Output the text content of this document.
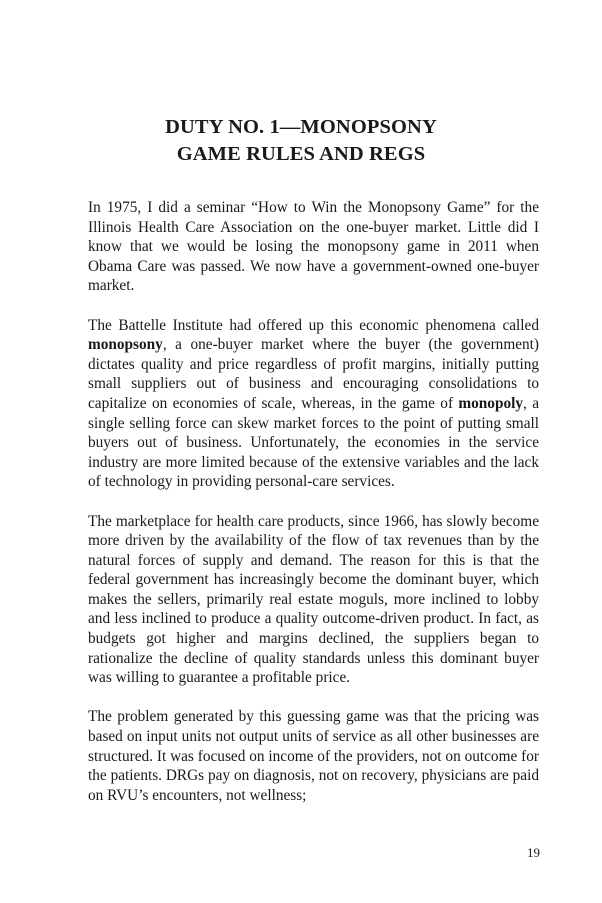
DUTY NO. 1—MONOPSONY
GAME RULES AND REGS

In 1975, I did a seminar “How to Win the Monopsony Game” for the Illinois Health Care Association on the one-buyer market. Little did I know that we would be losing the monopsony game in 2011 when Obama Care was passed. We now have a government-owned one-buyer market.

The Battelle Institute had offered up this economic phenomena called monopsony, a one-buyer market where the buyer (the government) dictates quality and price regardless of profit margins, initially putting small suppliers out of business and encouraging consolidations to capitalize on economies of scale, whereas, in the game of monopoly, a single selling force can skew market forces to the point of putting small buyers out of business. Unfortunately, the economies in the service industry are more limited because of the extensive variables and the lack of technology in providing personal-care services.

The marketplace for health care products, since 1966, has slowly become more driven by the availability of the flow of tax revenues than by the natural forces of supply and demand. The reason for this is that the federal government has increasingly become the dominant buyer, which makes the sellers, primarily real estate moguls, more inclined to lobby and less inclined to produce a quality outcome-driven product. In fact, as budgets got higher and margins declined, the suppliers began to rationalize the decline of quality standards unless this dominant buyer was willing to guarantee a profitable price.

The problem generated by this guessing game was that the pricing was based on input units not output units of service as all other businesses are structured. It was focused on income of the providers, not on outcome for the patients. DRGs pay on diagnosis, not on recovery, physicians are paid on RVU’s encounters, not wellness;

19
